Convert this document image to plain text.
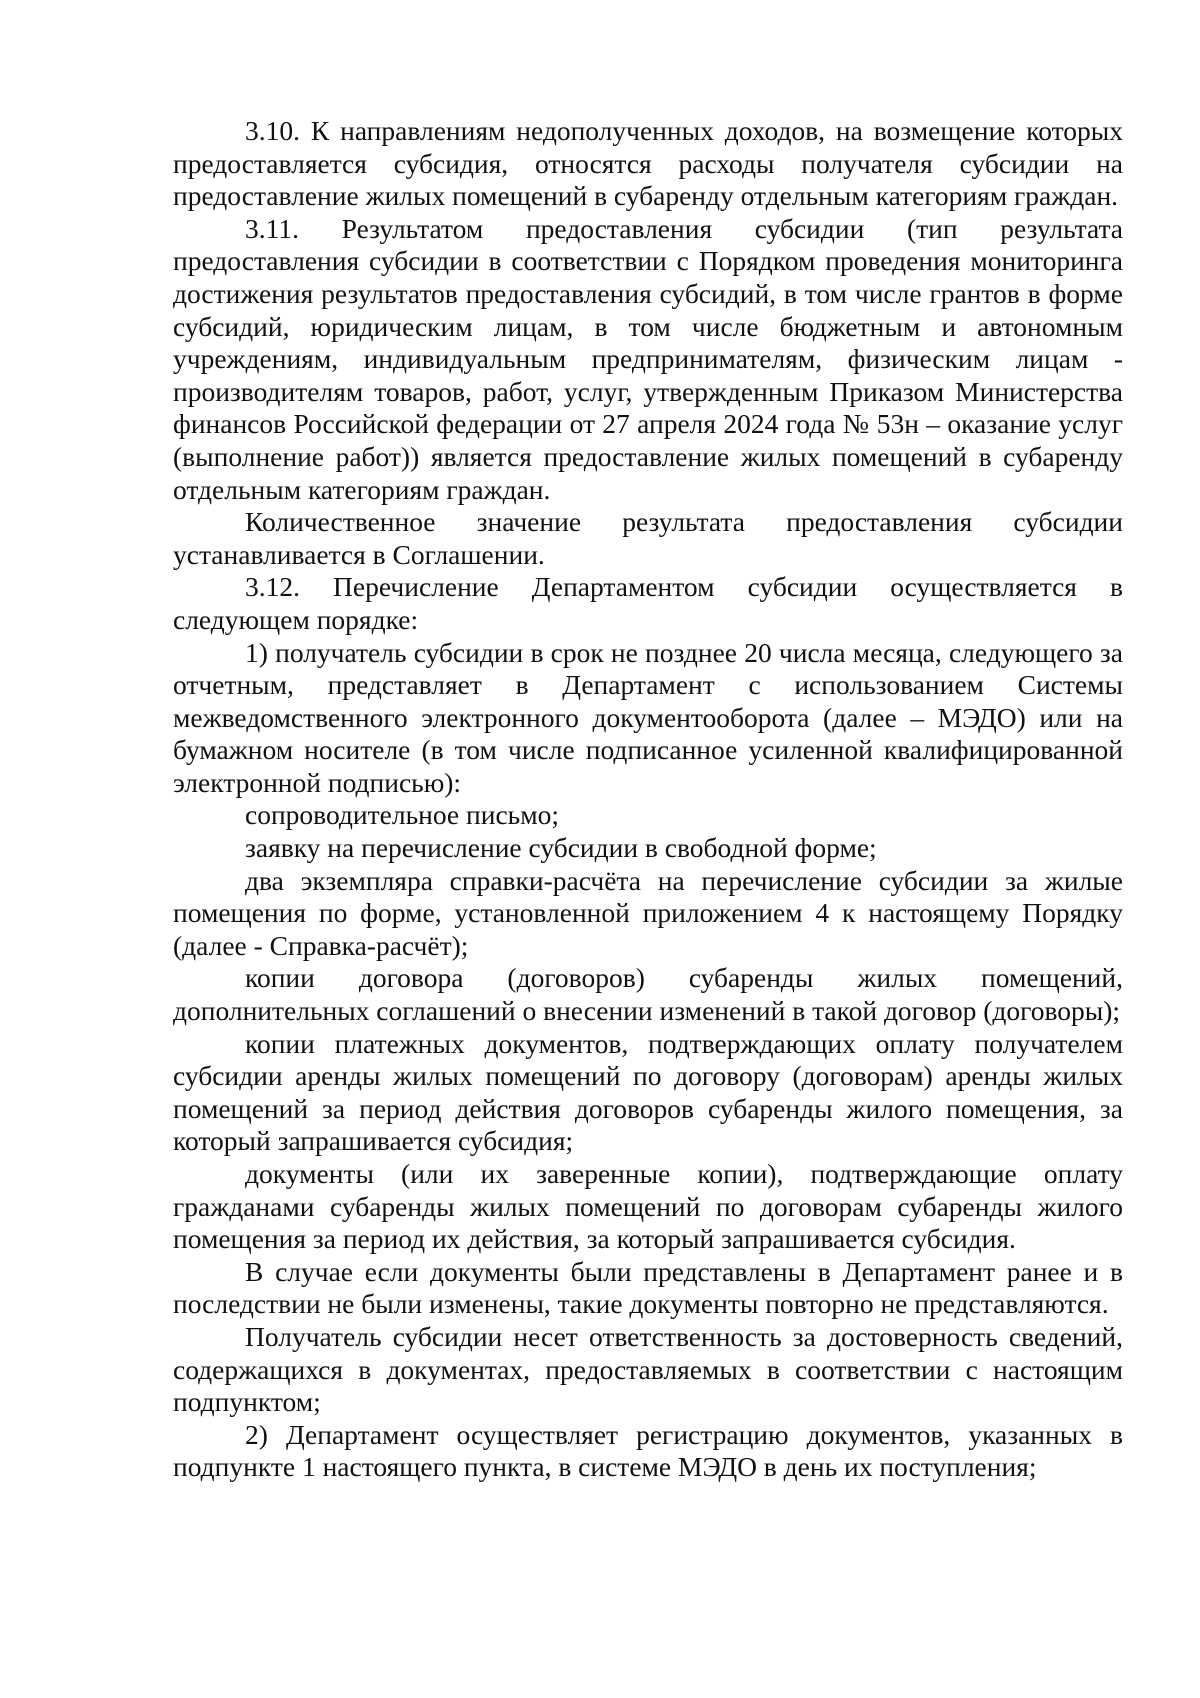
3.10. К направлениям недополученных доходов, на возмещение которых предоставляется субсидия, относятся расходы получателя субсидии на предоставление жилых помещений в субаренду отдельным категориям граждан.

3.11. Результатом предоставления субсидии (тип результата предоставления субсидии в соответствии с Порядком проведения мониторинга достижения результатов предоставления субсидий, в том числе грантов в форме субсидий, юридическим лицам, в том числе бюджетным и автономным учреждениям, индивидуальным предпринимателям, физическим лицам - производителям товаров, работ, услуг, утвержденным Приказом Министерства финансов Российской федерации от 27 апреля 2024 года № 53н – оказание услуг (выполнение работ)) является предоставление жилых помещений в субаренду отдельным категориям граждан.

Количественное значение результата предоставления субсидии устанавливается в Соглашении.

3.12. Перечисление Департаментом субсидии осуществляется в следующем порядке:

1) получатель субсидии в срок не позднее 20 числа месяца, следующего за отчетным, представляет в Департамент с использованием Системы межведомственного электронного документооборота (далее – МЭДО) или на бумажном носителе (в том числе подписанное усиленной квалифицированной электронной подписью):

сопроводительное письмо;

заявку на перечисление субсидии в свободной форме;

два экземпляра справки-расчёта на перечисление субсидии за жилые помещения по форме, установленной приложением 4 к настоящему Порядку (далее - Справка-расчёт);

копии договора (договоров) субаренды жилых помещений, дополнительных соглашений о внесении изменений в такой договор (договоры);

копии платежных документов, подтверждающих оплату получателем субсидии аренды жилых помещений по договору (договорам) аренды жилых помещений за период действия договоров субаренды жилого помещения, за который запрашивается субсидия;

документы (или их заверенные копии), подтверждающие оплату гражданами субаренды жилых помещений по договорам субаренды жилого помещения за период их действия, за который запрашивается субсидия.

В случае если документы были представлены в Департамент ранее и в последствии не были изменены, такие документы повторно не представляются.

Получатель субсидии несет ответственность за достоверность сведений, содержащихся в документах, предоставляемых в соответствии с настоящим подпунктом;

2) Департамент осуществляет регистрацию документов, указанных в подпункте 1 настоящего пункта, в системе МЭДО в день их поступления;
